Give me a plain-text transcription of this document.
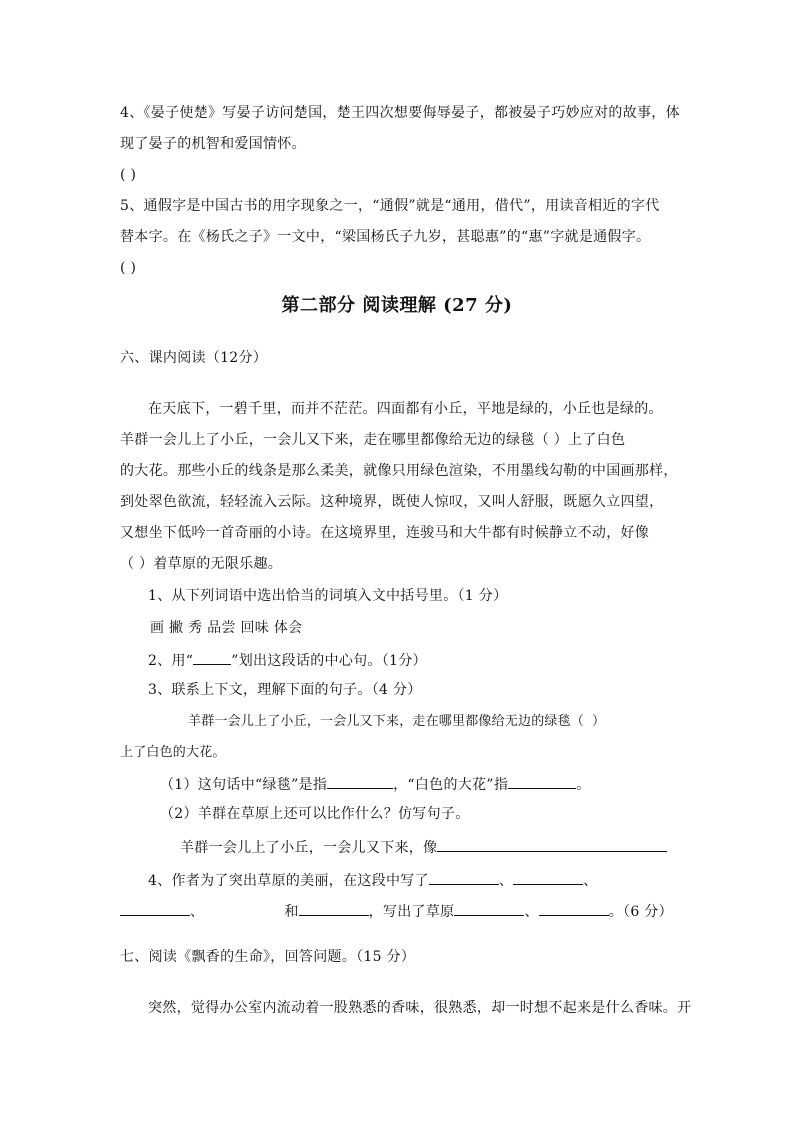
4、《晏子使楚》写晏子访问楚国，楚王四次想要侮辱晏子，都被晏子巧妙应对的故事，体
现了晏子的机智和爱国情怀。
( )
5、通假字是中国古书的用字现象之一，“通假”就是“通用，借代”，用读音相近的字代
替本字。在《杨氏之子》一文中，“梁国杨氏子九岁，甚聪惠”的“惠”字就是通假字。
( )
第二部分 阅读理解 (27 分)
六、课内阅读（12分）
在天底下，一碧千里，而并不茫茫。四面都有小丘，平地是绿的，小丘也是绿的。
羊群一会儿上了小丘，一会儿又下来，走在哪里都像给无边的绿毯（ ）上了白色
的大花。那些小丘的线条是那么柔美，就像只用绿色渲染，不用墨线勾勒的中国画那样，
到处翠色欲流，轻轻流入云际。这种境界，既使人惊叹，又叫人舒服，既愿久立四望，
又想坐下低吟一首奇丽的小诗。在这境界里，连骏马和大牛都有时候静立不动，好像
（ ）着草原的无限乐趣。
1、从下列词语中选出恰当的词填入文中括号里。（1 分）
画 撇 秀 品尝 回味 体会
2、用“	”划出这段话的中心句。（1分）
3、联系上下文，理解下面的句子。（4 分）
羊群一会儿上了小丘，一会儿又下来，走在哪里都像给无边的绿毯（ ）
上了白色的大花。
（1）这句话中“绿毯”是指	，“白色的大花”指	。
（2）羊群在草原上还可以比作什么？仿写句子。
羊群一会儿上了小丘，一会儿又下来，像
4、作者为了突出草原的美丽，在这段中写了	、	、
、	和	，写出了草原	、	。（6 分）
七、阅读《飘香的生命》，回答问题。（15 分）
突然，觉得办公室内流动着一股熟悉的香味，很熟悉，却一时想不起来是什么香味。开
